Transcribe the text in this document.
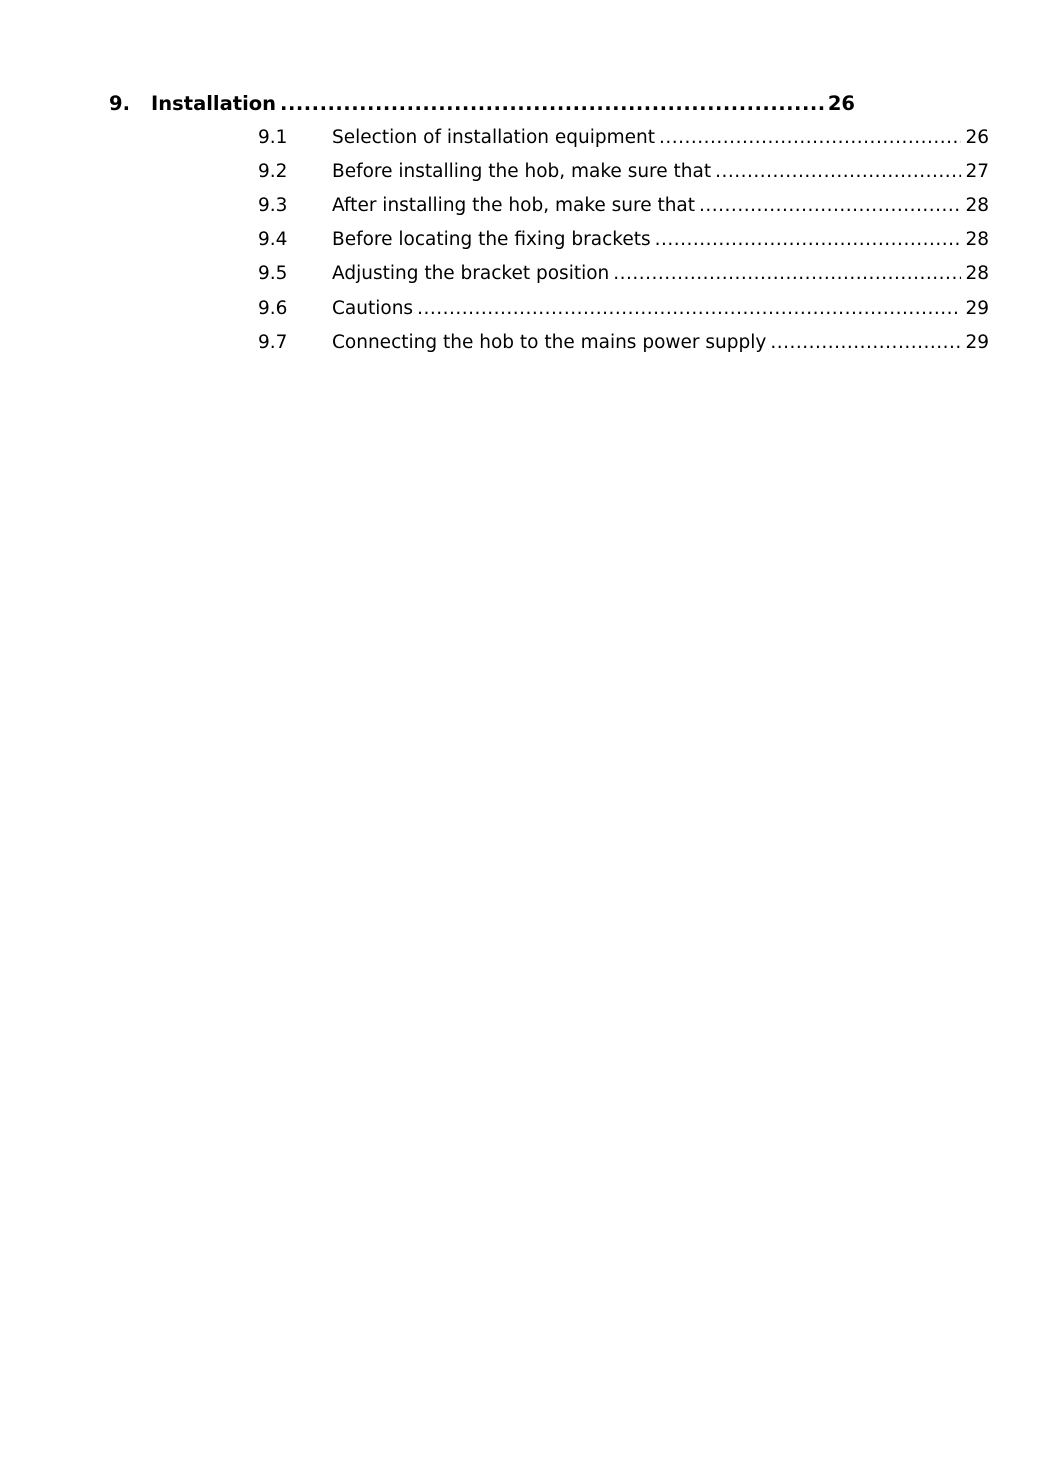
9.	Installation .....	26
9.1	Selection of installation equipment .....	26
9.2	Before installing the hob, make sure that .....	27
9.3	After installing the hob, make sure that .....	28
9.4	Before locating the fixing brackets .....	28
9.5	Adjusting the bracket position .....	28
9.6	Cautions .....	29
9.7	Connecting the hob to the mains power supply .....	29
